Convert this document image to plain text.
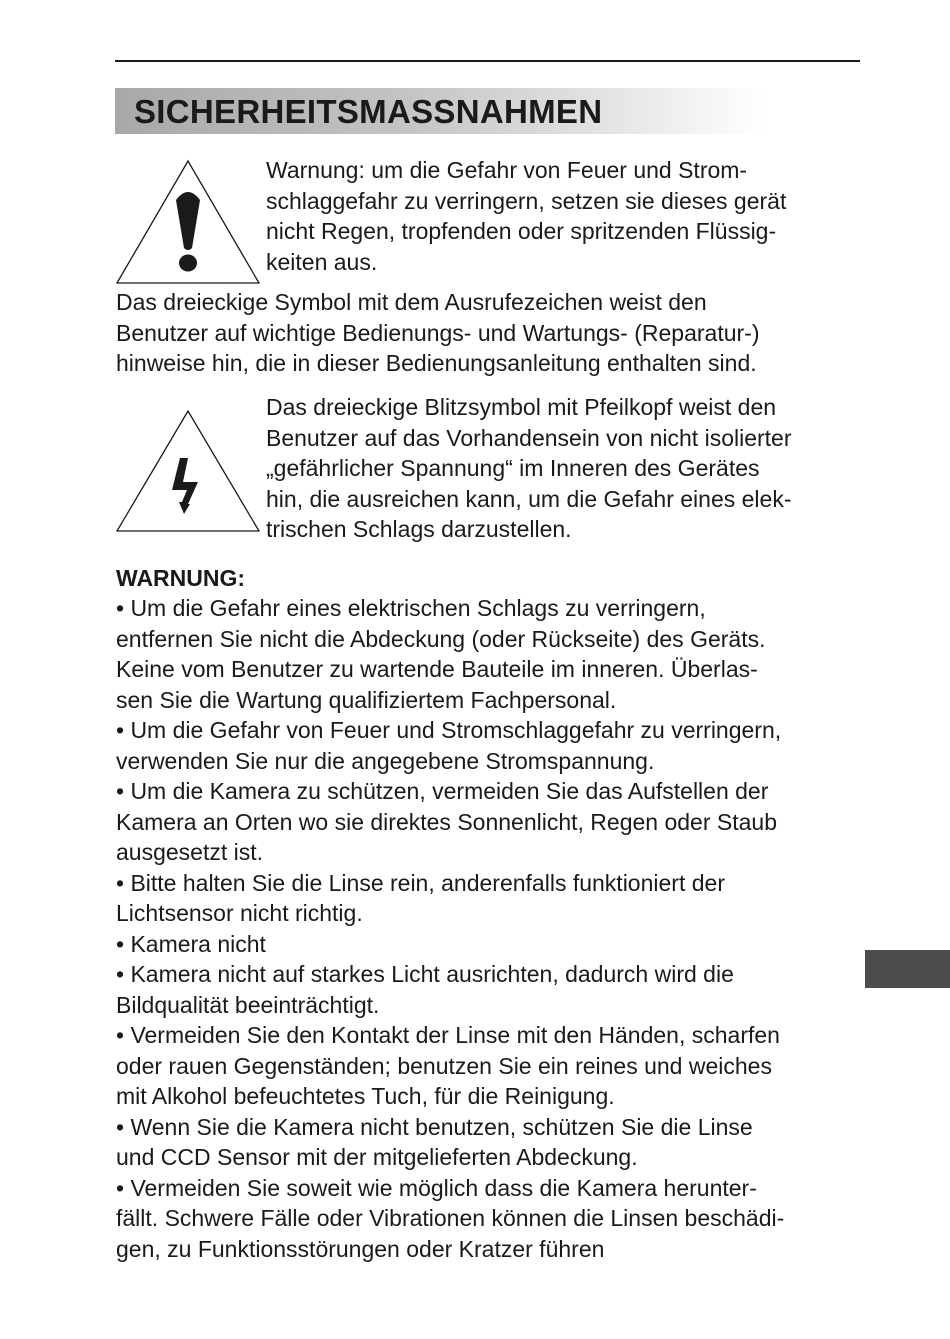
SICHERHEITSMASSNAHMEN
Warnung: um die Gefahr von Feuer und Strom-
schlaggefahr zu verringern, setzen sie dieses gerät
nicht Regen, tropfenden oder spritzenden Flüssig-
keiten aus.
Das dreieckige Symbol mit dem Ausrufezeichen weist den
Benutzer auf wichtige Bedienungs- und Wartungs- (Reparatur-)
hinweise hin, die in dieser Bedienungsanleitung enthalten sind.
Das dreieckige Blitzsymbol mit Pfeilkopf weist den
Benutzer auf das Vorhandensein von nicht isolierter
„gefährlicher Spannung“ im Inneren des Gerätes
hin, die ausreichen kann, um die Gefahr eines elek-
trischen Schlags darzustellen.
WARNUNG:
• Um die Gefahr eines elektrischen Schlags zu verringern,
entfernen Sie nicht die Abdeckung (oder Rückseite) des Geräts.
Keine vom Benutzer zu wartende Bauteile im inneren. Überlas-
sen Sie die Wartung qualifiziertem Fachpersonal.
• Um die Gefahr von Feuer und Stromschlaggefahr zu verringern,
verwenden Sie nur die angegebene Stromspannung.
• Um die Kamera zu schützen, vermeiden Sie das Aufstellen der
Kamera an Orten wo sie direktes Sonnenlicht, Regen oder Staub
ausgesetzt ist.
• Bitte halten Sie die Linse rein, anderenfalls funktioniert der
Lichtsensor nicht richtig.
• Kamera nicht
• Kamera nicht auf starkes Licht ausrichten, dadurch wird die
Bildqualität beeinträchtigt.
• Vermeiden Sie den Kontakt der Linse mit den Händen, scharfen
oder rauen Gegenständen; benutzen Sie ein reines und weiches
mit Alkohol befeuchtetes Tuch, für die Reinigung.
• Wenn Sie die Kamera nicht benutzen, schützen Sie die Linse
und CCD Sensor mit der mitgelieferten Abdeckung.
• Vermeiden Sie soweit wie möglich dass die Kamera herunter-
fällt. Schwere Fälle oder Vibrationen können die Linsen beschädi-
gen, zu Funktionsstörungen oder Kratzer führen
